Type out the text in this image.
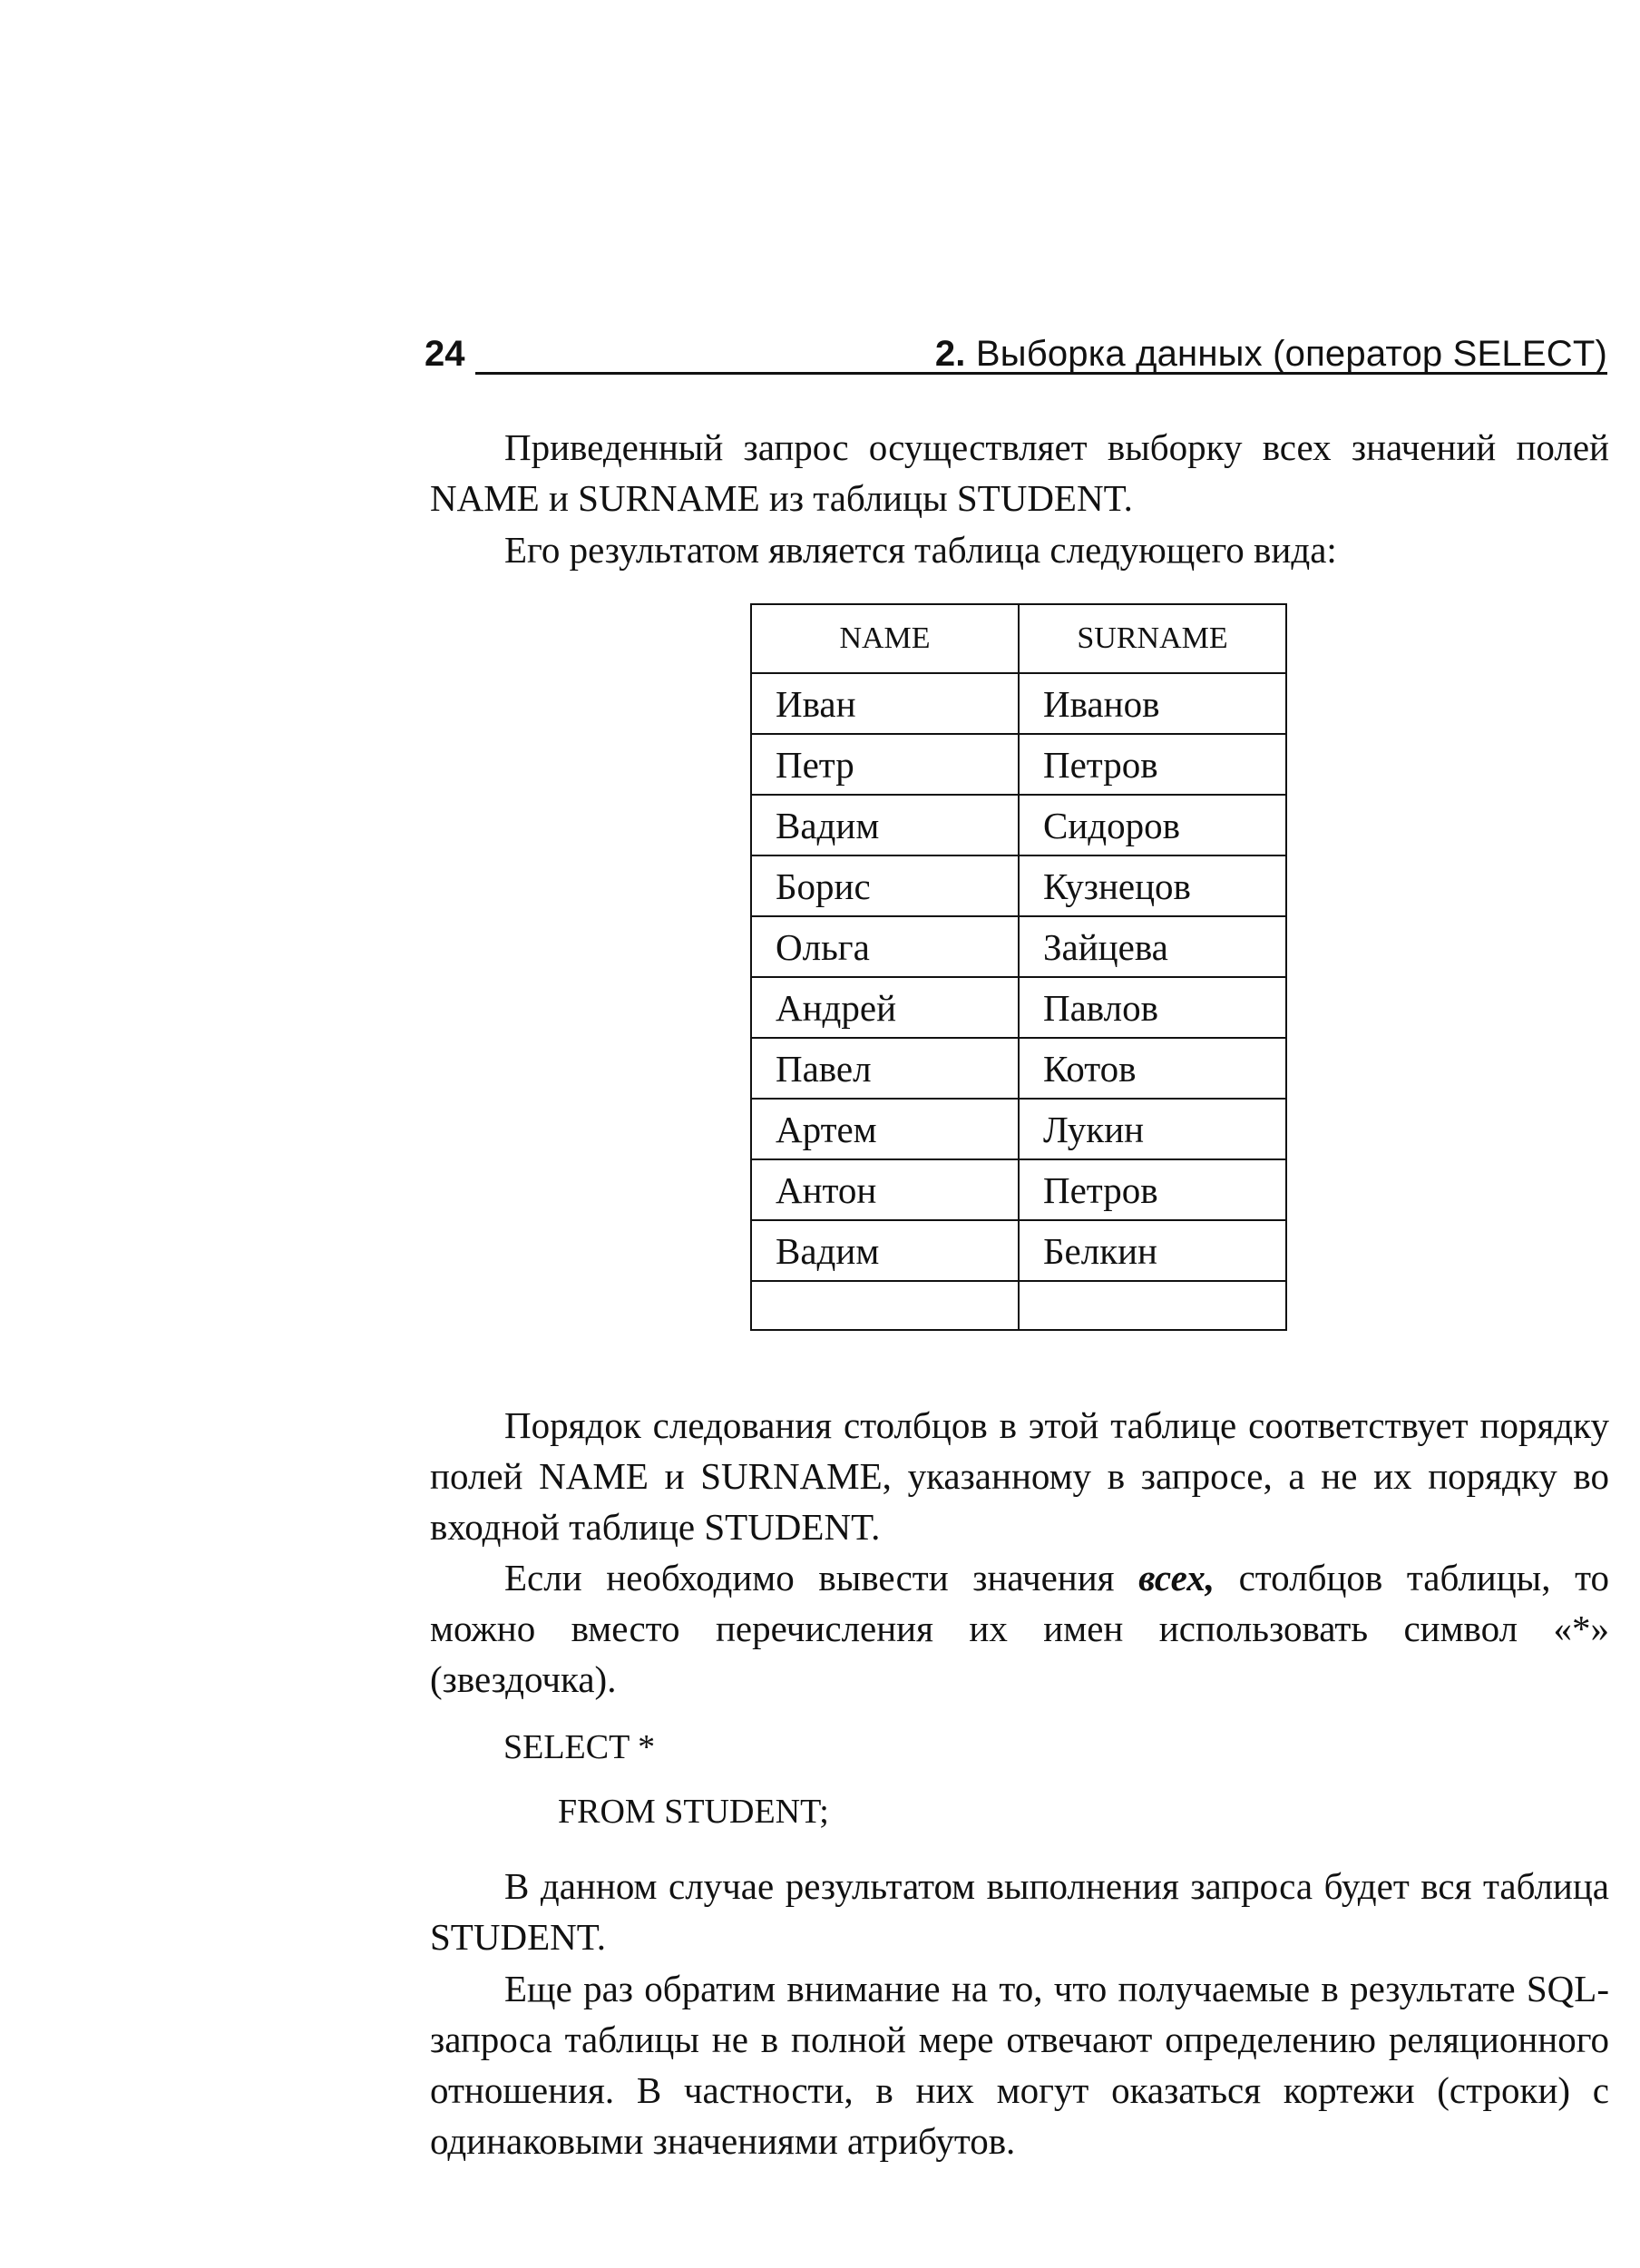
24	2. Выборка данных (оператор SELECT)

Приведенный запрос осуществляет выборку всех значений полей NAME и SURNAME из таблицы STUDENT.

Его результатом является таблица следующего вида:

NAME	SURNAME
Иван	Иванов
Петр	Петров
Вадим	Сидоров
Борис	Кузнецов
Ольга	Зайцева
Андрей	Павлов
Павел	Котов
Артем	Лукин
Антон	Петров
Вадим	Белкин

Порядок следования столбцов в этой таблице соответствует порядку полей NAME и SURNAME, указанному в запросе, а не их порядку во входной таблице STUDENT.

Если необходимо вывести значения всех, столбцов таблицы, то можно вместо перечисления их имен использовать символ «*» (звездочка).

SELECT *

FROM STUDENT;

В данном случае результатом выполнения запроса будет вся таблица STUDENT.

Еще раз обратим внимание на то, что получаемые в результате SQL-запроса таблицы не в полной мере отвечают определению реляционного отношения. В частности, в них могут оказаться кортежи (строки) с одинаковыми значениями атрибутов.
